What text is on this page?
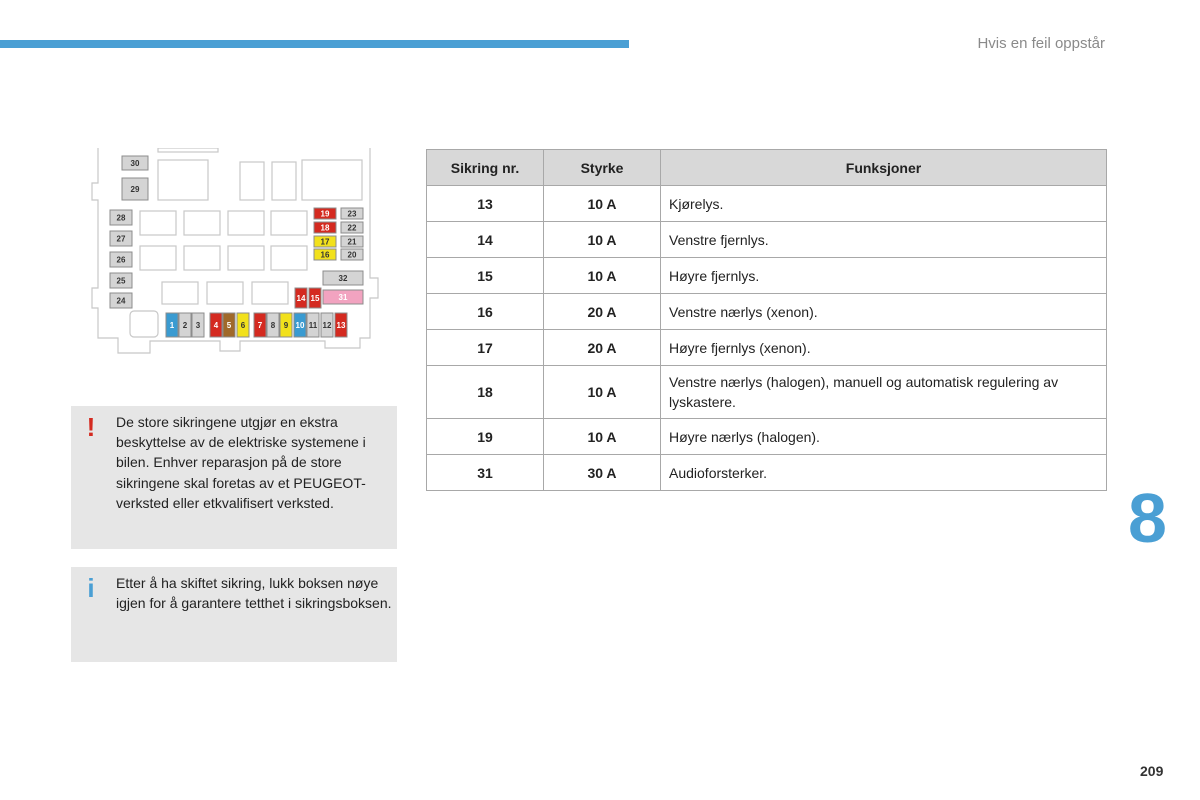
Hvis en feil oppstår
30
29
28
27
26
25
24
19 23
18 22
17 21
16 20
32
14 15 31
1 2 3 4 5 6 7 8 9 10 11 12 13
! De store sikringene utgjør en ekstra beskyttelse av de elektriske systemene i bilen. Enhver reparasjon på de store sikringene skal foretas av et PEUGEOT-verksted eller etkvalifisert verksted.
i Etter å ha skiftet sikring, lukk boksen nøye igjen for å garantere tetthet i sikringsboksen.
Sikring nr.	Styrke	Funksjoner
13	10 A	Kjørelys.
14	10 A	Venstre fjernlys.
15	10 A	Høyre fjernlys.
16	20 A	Venstre nærlys (xenon).
17	20 A	Høyre fjernlys (xenon).
18	10 A	Venstre nærlys (halogen), manuell og automatisk regulering av lyskastere.
19	10 A	Høyre nærlys (halogen).
31	30 A	Audioforsterker.
8
209
